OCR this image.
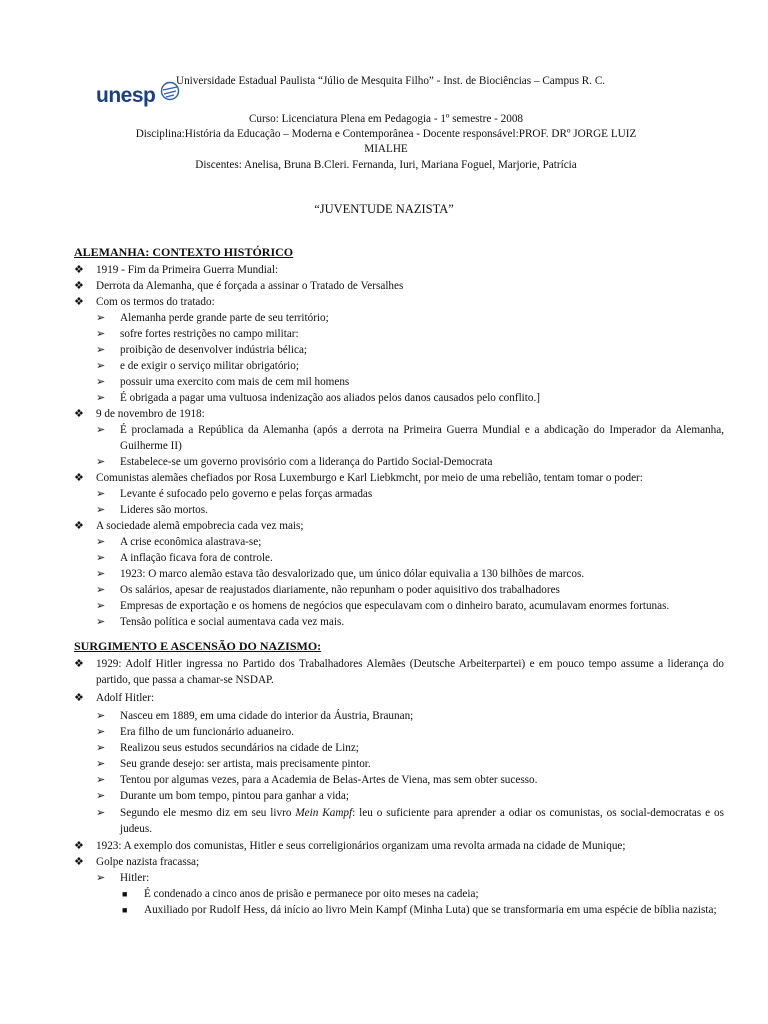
unesp
Universidade Estadual Paulista “Júlio de Mesquita Filho” - Inst. de Biociências – Campus R. C.
Curso: Licenciatura Plena em Pedagogia - 1º semestre - 2008
Disciplina:História da Educação – Moderna e Contemporânea - Docente responsável:PROF. DRº JORGE LUIZ
MIALHE
Discentes: Anelisa, Bruna B.Cleri. Fernanda, Iuri, Mariana Foguel, Marjorie, Patrícia
“JUVENTUDE NAZISTA”
ALEMANHA: CONTEXTO HISTÓRICO
❖	1919 - Fim da Primeira Guerra Mundial:
❖	Derrota da Alemanha, que é forçada a assinar o Tratado de Versalhes
❖	Com os termos do tratado:
➢	Alemanha perde grande parte de seu território;
➢	sofre fortes restrições no campo militar:
➢	proibição de desenvolver indústria bélica;
➢	e de exigir o serviço militar obrigatório;
➢	possuir uma exercito com mais de cem mil homens
➢	É obrigada a pagar uma vultuosa indenização aos aliados pelos danos causados pelo conflito.]
❖	9 de novembro de 1918:
➢	É proclamada a República da Alemanha (após a derrota na Primeira Guerra Mundial e a abdicação do Imperador da Alemanha, Guilherme II)
➢	Estabelece-se um governo provisório com a liderança do Partido Social-Democrata
❖	Comunistas alemães chefiados por Rosa Luxemburgo e Karl Liebkmcht, por meio de uma rebelião, tentam tomar o poder:
➢	Levante é sufocado pelo governo e pelas forças armadas
➢	Lideres são mortos.
❖	A sociedade alemã empobrecia cada vez mais;
➢	A crise econômica alastrava-se;
➢	A inflação ficava fora de controle.
➢	1923: O marco alemão estava tão desvalorizado que, um único dólar equivalia a 130 bilhões de marcos.
➢	Os salários, apesar de reajustados diariamente, não repunham o poder aquisitivo dos trabalhadores
➢	Empresas de exportação e os homens de negócios que especulavam com o dinheiro barato, acumulavam enormes fortunas.
➢	Tensão política e social aumentava cada vez mais.
SURGIMENTO E ASCENSÃO DO NAZISMO:
❖	1929: Adolf Hitler ingressa no Partido dos Trabalhadores Alemães (Deutsche Arbeiterpartei) e em pouco tempo assume a liderança do partido, que passa a chamar-se NSDAP.
❖	Adolf Hitler:
➢	Nasceu em 1889, em uma cidade do interior da Áustria, Braunan;
➢	Era filho de um funcionário aduaneiro.
➢	Realizou seus estudos secundários na cidade de Linz;
➢	Seu grande desejo: ser artista, mais precisamente pintor.
➢	Tentou por algumas vezes, para a Academia de Belas-Artes de Viena, mas sem obter sucesso.
➢	Durante um bom tempo, pintou para ganhar a vida;
➢	Segundo ele mesmo diz em seu livro Mein Kampf: leu o suficiente para aprender a odiar os comunistas, os social-democratas e os judeus.
❖	1923: A exemplo dos comunistas, Hitler e seus correligionários organizam uma revolta armada na cidade de Munique;
❖	Golpe nazista fracassa;
➢	Hitler:
■ É condenado a cinco anos de prisão e permanece por oito meses na cadeia;
■ Auxiliado por Rudolf Hess, dá início ao livro Mein Kampf (Minha Luta) que se transformaria em uma espécie de bíblia nazista;
